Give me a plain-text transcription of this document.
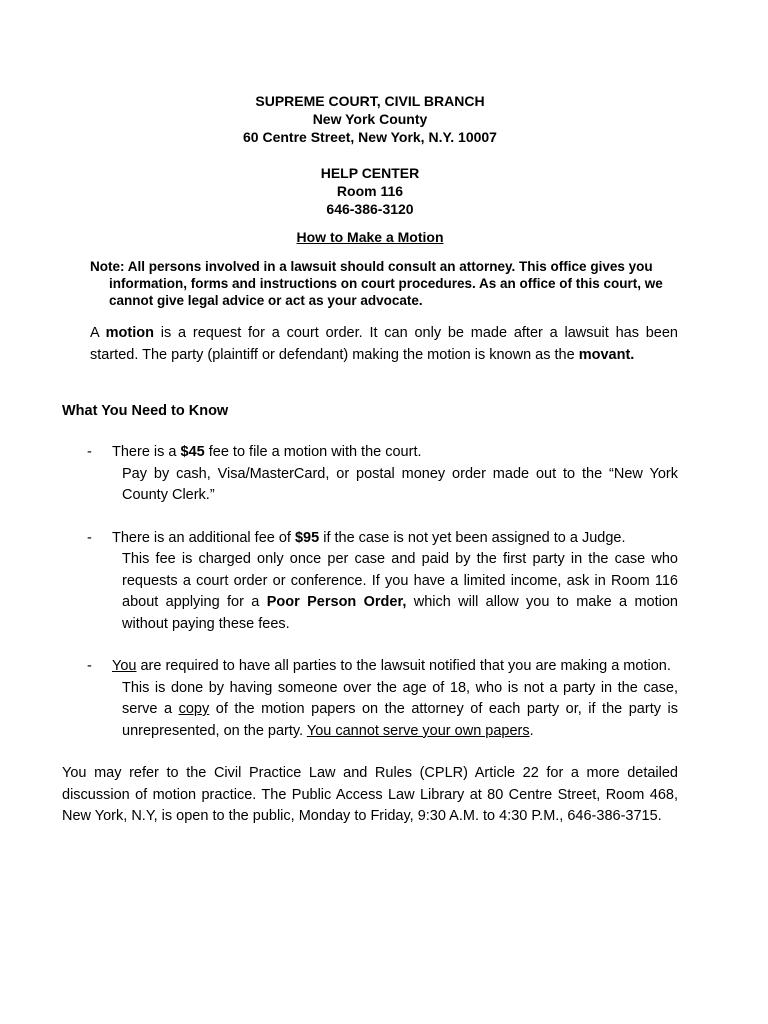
SUPREME COURT, CIVIL BRANCH
New York County
60 Centre Street, New York, N.Y. 10007
HELP CENTER
Room 116
646-386-3120
How to Make a Motion
Note: All persons involved in a lawsuit should consult an attorney. This office gives you information, forms and instructions on court procedures. As an office of this court, we cannot give legal advice or act as your advocate.
A motion is a request for a court order. It can only be made after a lawsuit has been started. The party (plaintiff or defendant) making the motion is known as the movant.
What You Need to Know
- There is a $45 fee to file a motion with the court.
Pay by cash, Visa/MasterCard, or postal money order made out to the “New York County Clerk.”
- There is an additional fee of $95 if the case is not yet been assigned to a Judge.
This fee is charged only once per case and paid by the first party in the case who requests a court order or conference. If you have a limited income, ask in Room 116 about applying for a Poor Person Order, which will allow you to make a motion without paying these fees.
- You are required to have all parties to the lawsuit notified that you are making a motion.
This is done by having someone over the age of 18, who is not a party in the case, serve a copy of the motion papers on the attorney of each party or, if the party is unrepresented, on the party. You cannot serve your own papers.
You may refer to the Civil Practice Law and Rules (CPLR) Article 22 for a more detailed discussion of motion practice. The Public Access Law Library at 80 Centre Street, Room 468, New York, N.Y, is open to the public, Monday to Friday, 9:30 A.M. to 4:30 P.M., 646-386-3715.
